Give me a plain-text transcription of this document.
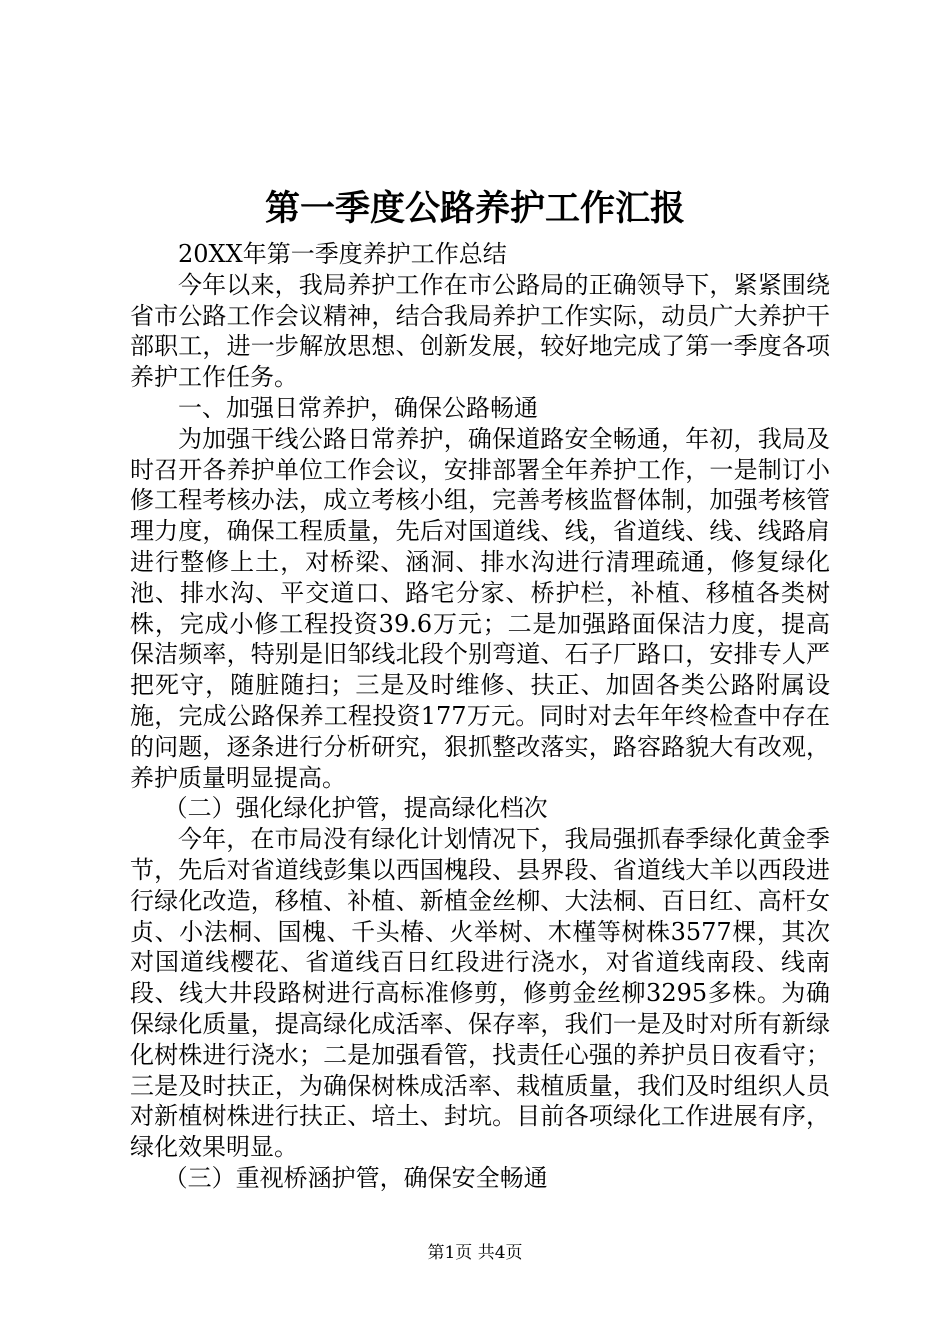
第一季度公路养护工作汇报

20XX年第一季度养护工作总结

今年以来，我局养护工作在市公路局的正确领导下，紧紧围绕省市公路工作会议精神，结合我局养护工作实际，动员广大养护干部职工，进一步解放思想、创新发展，较好地完成了第一季度各项养护工作任务。

一、加强日常养护，确保公路畅通

为加强干线公路日常养护，确保道路安全畅通，年初，我局及时召开各养护单位工作会议，安排部署全年养护工作，一是制订小修工程考核办法，成立考核小组，完善考核监督体制，加强考核管理力度，确保工程质量，先后对国道线、线，省道线、线、线路肩进行整修上土，对桥梁、涵洞、排水沟进行清理疏通，修复绿化池、排水沟、平交道口、路宅分家、桥护栏，补植、移植各类树株，完成小修工程投资39.6万元；二是加强路面保洁力度，提高保洁频率，特别是旧邹线北段个别弯道、石子厂路口，安排专人严把死守，随脏随扫；三是及时维修、扶正、加固各类公路附属设施，完成公路保养工程投资177万元。同时对去年年终检查中存在的问题，逐条进行分析研究，狠抓整改落实，路容路貌大有改观，养护质量明显提高。

（二）强化绿化护管，提高绿化档次

今年，在市局没有绿化计划情况下，我局强抓春季绿化黄金季节，先后对省道线彭集以西国槐段、县界段、省道线大羊以西段进行绿化改造，移植、补植、新植金丝柳、大法桐、百日红、高杆女贞、小法桐、国槐、千头椿、火举树、木槿等树株3577棵，其次对国道线樱花、省道线百日红段进行浇水，对省道线南段、线南段、线大井段路树进行高标准修剪，修剪金丝柳3295多株。为确保绿化质量，提高绿化成活率、保存率，我们一是及时对所有新绿化树株进行浇水；二是加强看管，找责任心强的养护员日夜看守；三是及时扶正，为确保树株成活率、栽植质量，我们及时组织人员对新植树株进行扶正、培土、封坑。目前各项绿化工作进展有序，绿化效果明显。

（三）重视桥涵护管，确保安全畅通

第1页 共4页
